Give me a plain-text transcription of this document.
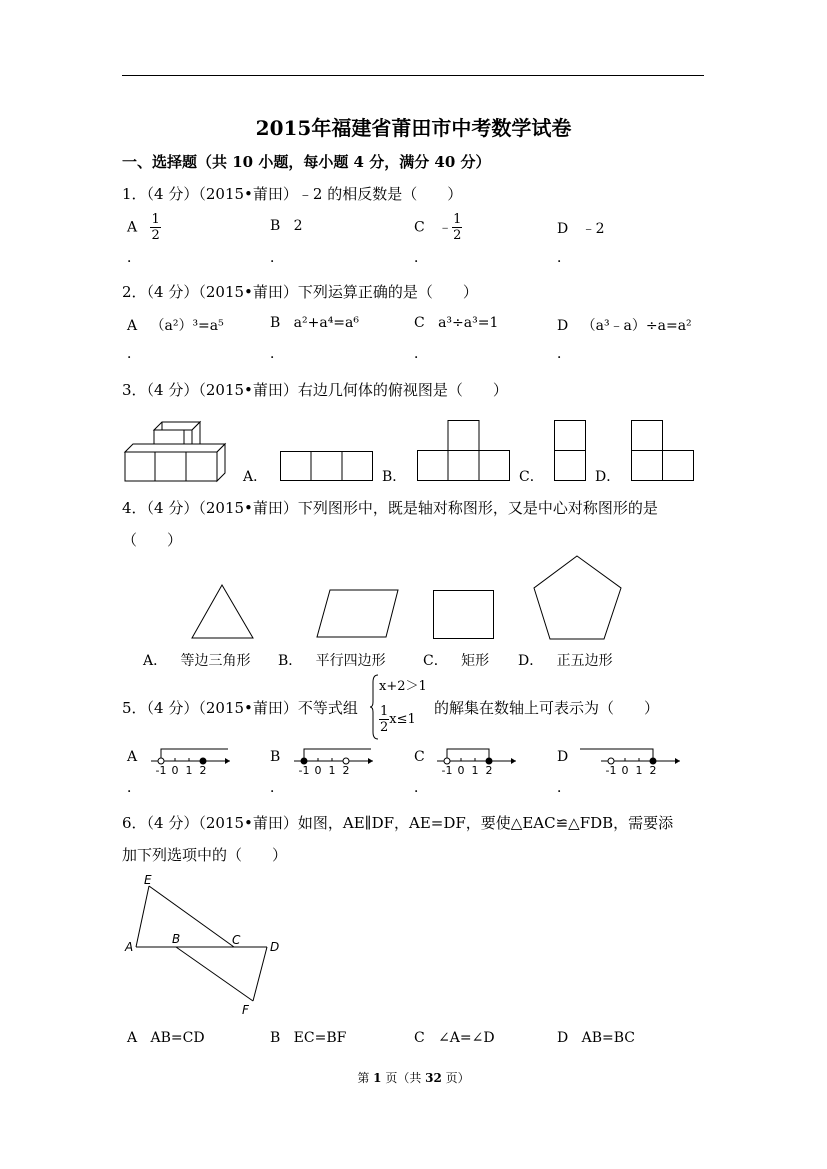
2015年福建省莆田市中考数学试卷
一、选择题（共 10 小题，每小题 4 分，满分 40 分）
1．（4 分）（2015•莆田）﹣2 的相反数是（　　）
A $\frac{1}{2}$
．
B 2
．
C ﹣ $\frac{1}{2}$
．
D ﹣2
．
2．（4 分）（2015•莆田）下列运算正确的是（　　）
A （a²）³=a⁵
．
B a²+a⁴=a⁶
．
C a³÷a³=1
．
D （a³﹣a）÷a=a²
．
3．（4 分）（2015•莆田）右边几何体的俯视图是（　　）
A．	B．	C．	D．
4．（4 分）（2015•莆田）下列图形中，既是轴对称图形，又是中心对称图形的是
（　　）
A． 等边三角形 B． 平行四边形	C． 矩形 D． 正五边形
5．（4 分）（2015•莆田）不等式组
x+2＞1
$\frac{1}{2} x\le 1$
的解集在数轴上可表示为（　　）
A
．
-1 0 1 2
B
．
-1 0 1 2
C
．
-1 0 1 2
D
．
-1 0 1 2
6．（4 分）（2015•莆田）如图，AE∥DF，AE=DF，要使△EAC≌△FDB，需要添
加下列选项中的（　　）
E
A
B	C D
F
A AB=CD	B EC=BF	C ∠A=∠D	D AB=BC
第 1 页（共 32 页）
